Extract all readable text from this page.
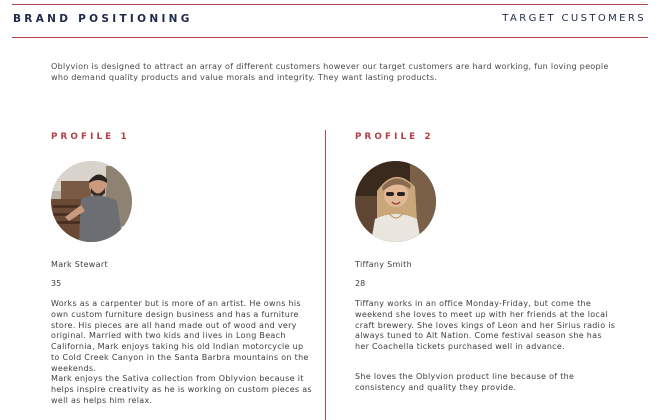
BRAND POSITIONING	TARGET CUSTOMERS
Oblyvion is designed to attract an array of different customers however our target customers are hard working, fun loving people who demand quality products and value morals and integrity. They want lasting products.
PROFILE 1
Mark Stewart
35
Works as a carpenter but is more of an artist. He owns his own custom furniture design business and has a furniture store. His pieces are all hand made out of wood and very original. Married with two kids and lives in Long Beach California, Mark enjoys taking his old Indian motorcycle up to Cold Creek Canyon in the Santa Barbra mountains on the weekends.
Mark enjoys the Sativa collection from Oblyvion because it helps inspire creativity as he is working on custom pieces as well as helps him relax.
PROFILE 2
Tiffany Smith
28
Tiffany works in an office Monday-Friday, but come the weekend she loves to meet up with her friends at the local craft brewery. She loves kings of Leon and her Sirius radio is always tuned to Alt Nation. Come festival season she has her Coachella tickets purchased well in advance.
She loves the Oblyvion product line because of the consistency and quality they provide.
